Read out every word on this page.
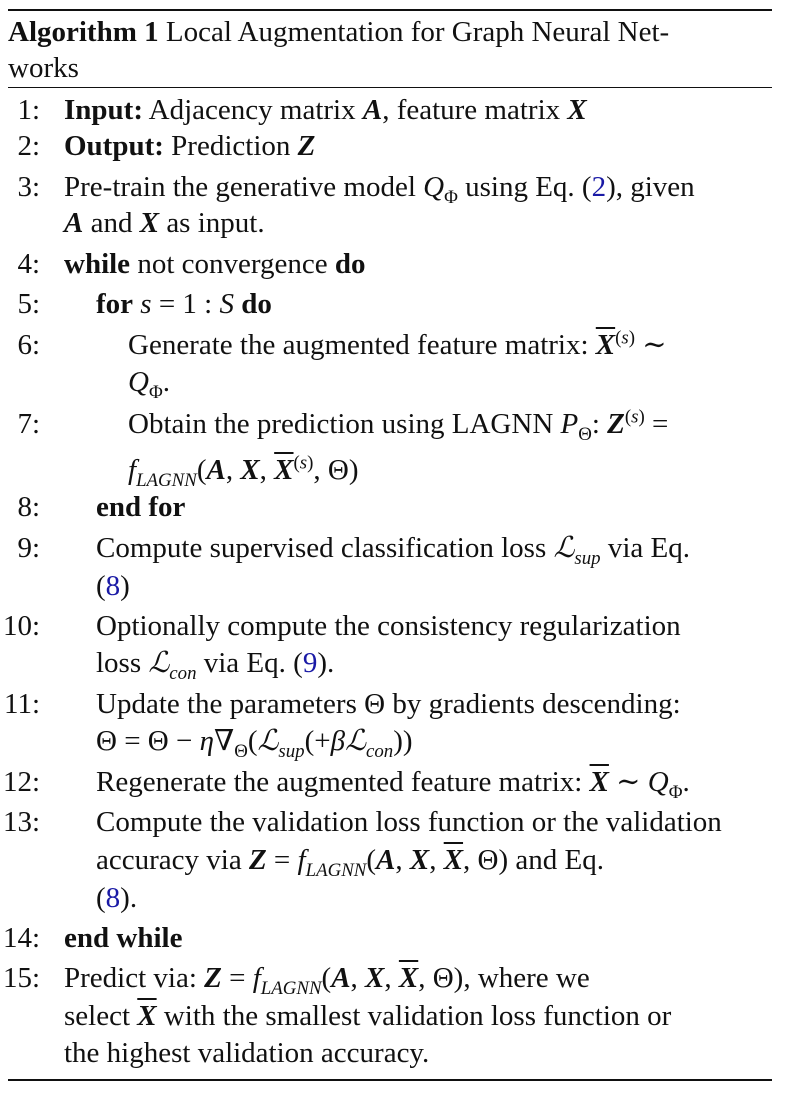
Algorithm 1 Local Augmentation for Graph Neural Net-
works
1: Input: Adjacency matrix A, feature matrix X
2: Output: Prediction Z
3: Pre-train the generative model $Q_\Phi$ using Eq. (2), given
A and X as input.
4: while not convergence do
5: for s = 1 : S do
6:	Generate the augmented feature matrix: $\overline{X}^{(s)}$ ∼
$Q_\Phi$.
7:	Obtain the prediction using LAGNN $P_\Theta$: $Z^{(s)}$ =
$f_{LAGNN}(A$, X, $\overline{X}^{(s)}$, Θ)
8: end for
9: Compute supervised classification loss ℒ$_{sup}$ via Eq.
(8)
10: Optionally compute the consistency regularization
loss ℒ$_{con}$ via Eq. (9).
11: Update the parameters Θ by gradients descending:
$\Theta = \Theta - \eta\nabla_\Theta(ℒ_{sup}(+\beta ℒ_{con}))$
12: Regenerate the augmented feature matrix: $\overline{X}$ ∼ $Q_\Phi$.
13: Compute the validation loss function or the validation
accuracy via $Z = f_{LAGNN}(A$, X, $\overline{X}$, Θ) and Eq.
(8).
14: end while
15: Predict via: $Z = f_{LAGNN}(A$, X, $\overline{X}$, Θ), where we
select $\overline{X}$ with the smallest validation loss function or
the highest validation accuracy.
